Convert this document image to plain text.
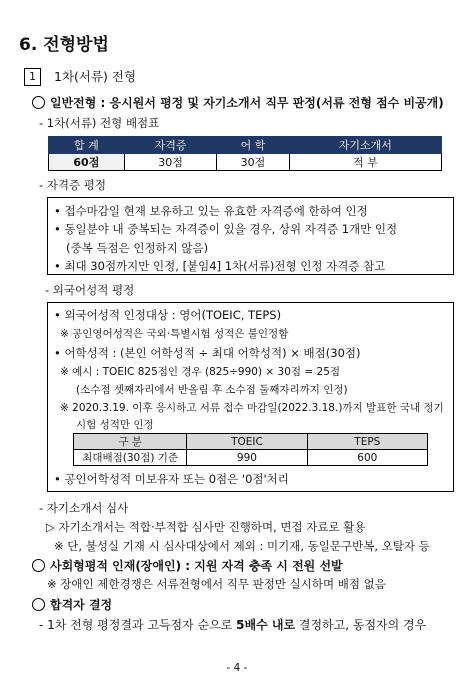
6. 전형방법
1	1차(서류) 전형
일반전형 : 응시원서 평정 및 자기소개서 직무 판정(서류 전형 점수 비공개)
- 1차(서류) 전형 배점표
합 계	자격증	어 학	자기소개서
60점	30점	30점	적 부
- 자격증 평정
• 접수마감일 현재 보유하고 있는 유효한 자격증에 한하여 인정
• 동일분야 내 중복되는 자격증이 있을 경우, 상위 자격증 1개만 인정
(중복 득점은 인정하지 않음)
• 최대 30점까지만 인정, [붙임4] 1차(서류)전형 인정 자격증 참고
- 외국어성적 평정
• 외국어성적 인정대상 : 영어(TOEIC, TEPS)
※ 공인영어성적은 국외·특별시험 성적은 불인정함
• 어학성적 : (본인 어학성적 ÷ 최대 어학성적) × 배점(30점)
※ 예시 : TOEIC 825점인 경우 (825÷990) × 30점 = 25점
(소수점 셋째자리에서 반올림 후 소수점 둘째자리까지 인정)
※ 2020.3.19. 이후 응시하고 서류 접수 마감일(2022.3.18.)까지 발표한 국내 정기
시험 성적만 인정
구 분	TOEIC	TEPS
최대배점(30점) 기준	990	600
• 공인어학성적 미보유자 또는 0점은 '0점'처리
- 자기소개서 심사
▷ 자기소개서는 적합·부적합 심사만 진행하며, 면접 자료로 활용
※ 단, 불성실 기재 시 심사대상에서 제외 : 미기재, 동일문구반복, 오탈자 등
사회형평적 인재(장애인) : 지원 자격 충족 시 전원 선발
※ 장애인 제한경쟁은 서류전형에서 직무 판정만 실시하며 배점 없음
합격자 결정
- 1차 전형 평정결과 고득점자 순으로 5배수 내로 결정하고, 동점자의 경우
- 4 -
